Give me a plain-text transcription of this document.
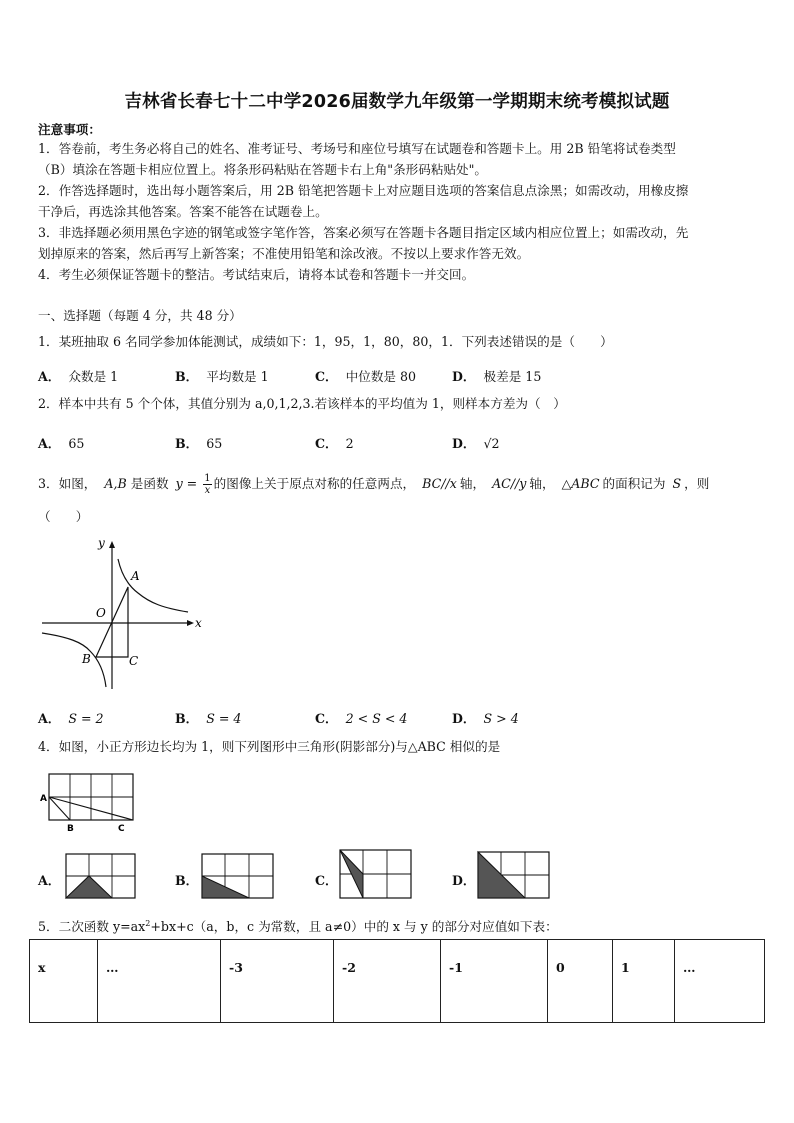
吉林省长春七十二中学2026届数学九年级第一学期期末统考模拟试题
注意事项：
1．答卷前，考生务必将自己的姓名、准考证号、考场号和座位号填写在试题卷和答题卡上。用 2B 铅笔将试卷类型
（B）填涂在答题卡相应位置上。将条形码粘贴在答题卡右上角"条形码粘贴处"。
2．作答选择题时，选出每小题答案后，用 2B 铅笔把答题卡上对应题目选项的答案信息点涂黑；如需改动，用橡皮擦
干净后，再选涂其他答案。答案不能答在试题卷上。
3．非选择题必须用黑色字迹的钢笔或签字笔作答，答案必须写在答题卡各题目指定区域内相应位置上；如需改动，先
划掉原来的答案，然后再写上新答案；不准使用铅笔和涂改液。不按以上要求作答无效。
4．考生必须保证答题卡的整洁。考试结束后，请将本试卷和答题卡一并交回。
一、选择题（每题 4 分，共 48 分）
1．某班抽取 6 名同学参加体能测试，成绩如下：1，95，1，80，80，1．下列表述错误的是（　　）
A． 众数是 1	B． 平均数是 1	C． 中位数是 80	D． 极差是 15
2．样本中共有 5 个个体，其值分别为 a,0,1,2,3.若该样本的平均值为 1，则样本方差为（　）
A． 65	B． 65	C． 2	D． √2
3．如图， A,B 是函数 $y = \frac{1}{x}$ 的图像上关于原点对称的任意两点， BC//x 轴， AC//y 轴， △ABC 的面积记为 S ，则
（　　）
y
x
O
A
B	C
A． S = 2	B． S = 4	C． 2 < S < 4	D． S > 4
4．如图，小正方形边长均为 1，则下列图形中三角形(阴影部分)与△ABC 相似的是
A
B	C
A．	B．	C．	D．
5．二次函数 $y=ax^2+bx+c(a$，b，c 为常数，且 a≠0）中的 x 与 y 的部分对应值如下表：
x	…	-3	-2	-1	0	1	…
